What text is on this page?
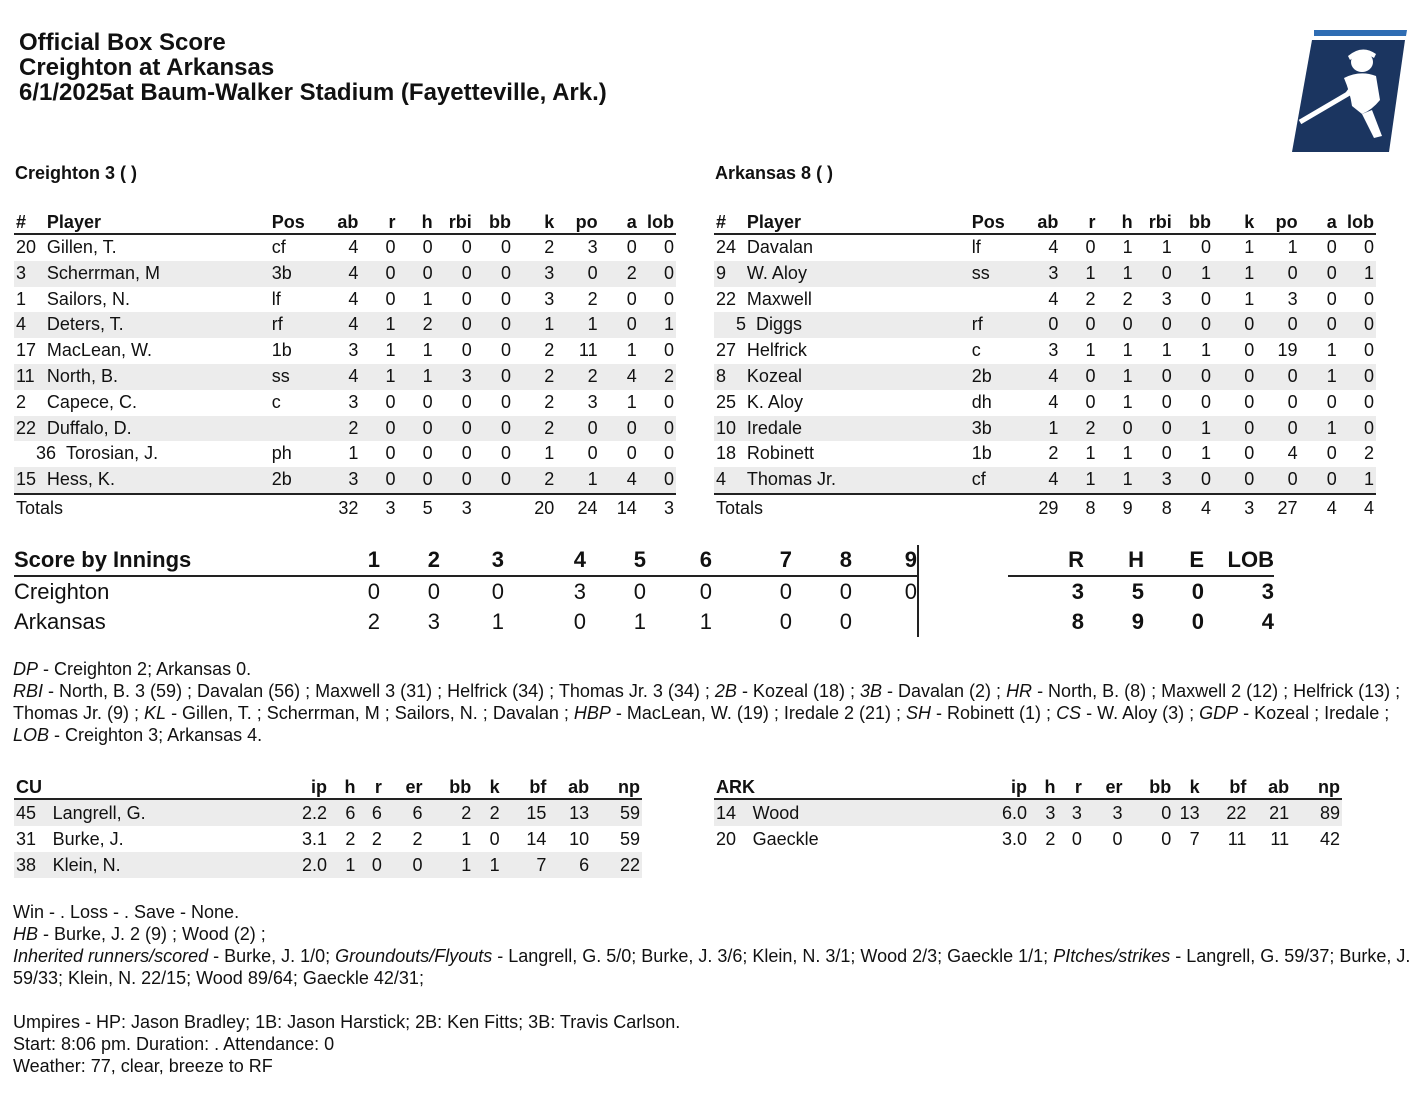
Official Box Score
Creighton at Arkansas
6/1/2025at Baum-Walker Stadium (Fayetteville, Ark.)
Creighton 3 ( )	Arkansas 8 ( )
#	Player	Pos	ab	r	h	rbi	bb	k	po	a	lob
20	Gillen, T.	cf	4	0	0	0	0	2	3	0	0
3	Scherrman, M	3b	4	0	0	0	0	3	0	2	0
1	Sailors, N.	lf	4	0	1	0	0	3	2	0	0
4	Deters, T.	rf	4	1	2	0	0	1	1	0	1
17	MacLean, W.	1b	3	1	1	0	0	2	11	1	0
11	North, B.	ss	4	1	1	3	0	2	2	4	2
2	Capece, C.	c	3	0	0	0	0	2	3	1	0
22	Duffalo, D.		2	0	0	0	0	2	0	0	0
36 Torosian, J.		ph	1	0	0	0	0	1	0	0	0
15	Hess, K.	2b	3	0	0	0	0	2	1	4	0
Totals			32	3	5	3		20	24	14	3
#	Player	Pos	ab	r	h	rbi	bb	k	po	a	lob
24	Davalan	lf	4	0	1	1	0	1	1	0	0
9	W. Aloy	ss	3	1	1	0	1	1	0	0	1
22	Maxwell		4	2	2	3	0	1	3	0	0
5 Diggs		rf	0	0	0	0	0	0	0	0	0
27	Helfrick	c	3	1	1	1	1	0	19	1	0
8	Kozeal	2b	4	0	1	0	0	0	0	1	0
25	K. Aloy	dh	4	0	1	0	0	0	0	0	0
10	Iredale	3b	1	2	0	0	1	0	0	1	0
18	Robinett	1b	2	1	1	0	1	0	4	0	2
4	Thomas Jr.	cf	4	1	1	3	0	0	0	0	1
Totals			29	8	9	8	4	3	27	4	4
Score by Innings	1	2	3	4	5	6	7	8	9		R	H	E	LOB
Creighton	0	0	0	3	0	0	0	0	0		3	5	0	3
Arkansas	2	3	1	0	1	1	0	0			8	9	0	4

DP - Creighton 2; Arkansas 0.

RBI - North, B. 3 (59) ; Davalan (56) ; Maxwell 3 (31) ; Helfrick (34) ; Thomas Jr. 3 (34) ; 2B - Kozeal (18) ; 3B - Davalan (2) ; HR - North, B. (8) ; Maxwell 2 (12) ; Helfrick (13) ; Thomas Jr. (9) ; KL - Gillen, T. ; Scherrman, M ; Sailors, N. ; Davalan ; HBP - MacLean, W. (19) ; Iredale 2 (21) ; SH - Robinett (1) ; CS - W. Aloy (3) ; GDP - Kozeal ; Iredale ; LOB - Creighton 3; Arkansas 4.

CU		ip	h	r	er	bb	k	bf	ab	np
45	Langrell, G.	2.2	6	6	6	2	2	15	13	59
31	Burke, J.	3.1	2	2	2	1	0	14	10	59
38	Klein, N.	2.0	1	0	0	1	1	7	6	22
ARK		ip	h	r	er	bb	k	bf	ab	np
14	Wood	6.0	3	3	3	0	13	22	21	89
20	Gaeckle	3.0	2	0	0	0	7	11	11	42

Win - . Loss - . Save - None.

HB - Burke, J. 2 (9) ; Wood (2) ;

Inherited runners/scored - Burke, J. 1/0; Groundouts/Flyouts - Langrell, G. 5/0; Burke, J. 3/6; Klein, N. 3/1; Wood 2/3; Gaeckle 1/1; PItches/strikes - Langrell, G. 59/37; Burke, J. 59/33; Klein, N. 22/15; Wood 89/64; Gaeckle 42/31;

Umpires - HP: Jason Bradley; 1B: Jason Harstick; 2B: Ken Fitts; 3B: Travis Carlson.

Start: 8:06 pm. Duration: . Attendance: 0

Weather: 77, clear, breeze to RF
